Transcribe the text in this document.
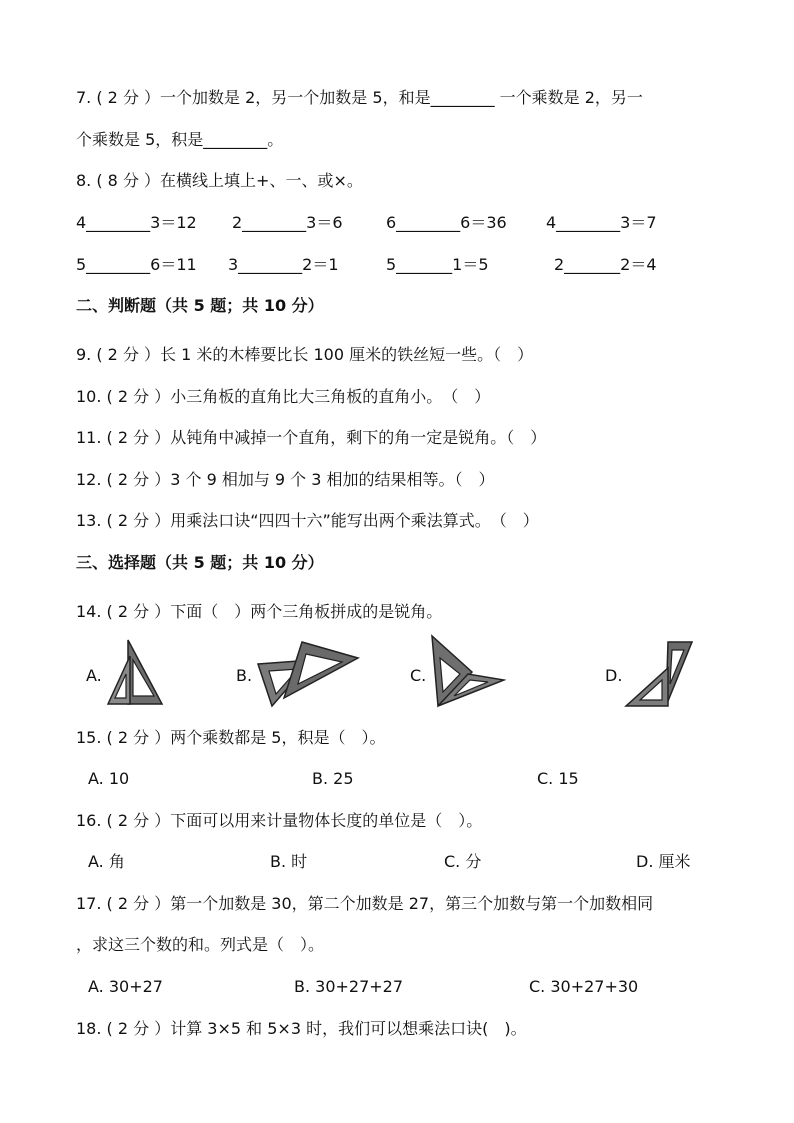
7. ( 2 分 ）一个加数是 2，另一个加数是 5，和是________ 一个乘数是 2，另一
个乘数是 5，积是________。
8. ( 8 分 ）在横线上填上+、一、或×。
4________3＝12 2________3＝6	6________6＝36 4________3＝7
5________6＝11 3________2＝1	5_______1＝5	2_______2＝4
二、判断题（共 5 题；共 10 分）
9. ( 2 分 ）长 1 米的木棒要比长 100 厘米的铁丝短一些。（　）
10. ( 2 分 ）小三角板的直角比大三角板的直角小。　（　）
11. ( 2 分 ）从钝角中减掉一个直角，剩下的角一定是锐角。（　）
12. ( 2 分 ）3 个 9 相加与 9 个 3 相加的结果相等。（　）
13. ( 2 分 ）用乘法口诀“四四十六”能写出两个乘法算式。　（　）
三、选择题（共 5 题；共 10 分）
14. ( 2 分 ）下面（　）两个三角板拼成的是锐角。
A.	B.	C.	D.
15. ( 2 分 ）两个乘数都是 5，积是（　）。
A. 10	B. 25	C. 15
16. ( 2 分 ）下面可以用来计量物体长度的单位是（　）。
A. 角	B. 时	C. 分	D. 厘米
17. ( 2 分 ）第一个加数是 30，第二个加数是 27，第三个加数与第一个加数相同
，求这三个数的和。列式是（　）。
A. 30+27	B. 30+27+27	C. 30+27+30
18. ( 2 分 ）计算 3×5 和 5×3 时，我们可以想乘法口诀(　)。
